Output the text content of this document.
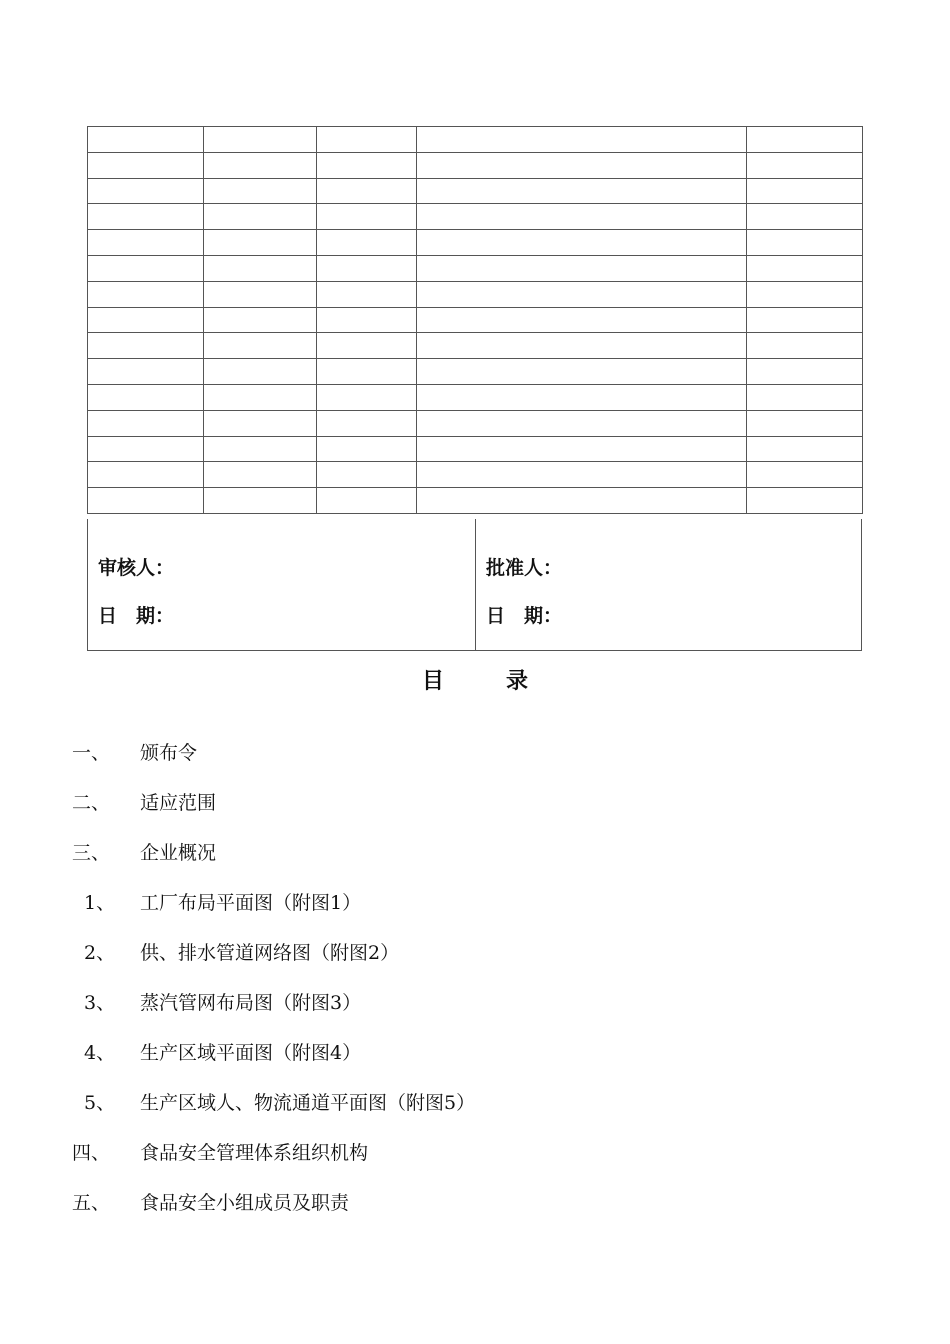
审核人：
日　期：
批准人：
日　期：
目	录
一、 颁布令
二、 适应范围
三、 企业概况
1、 工厂布局平面图（附图1）
2、 供、排水管道网络图（附图2）
3、 蒸汽管网布局图（附图3）
4、 生产区域平面图（附图4）
5、 生产区域人、物流通道平面图（附图5）
四、 食品安全管理体系组织机构
五、 食品安全小组成员及职责
